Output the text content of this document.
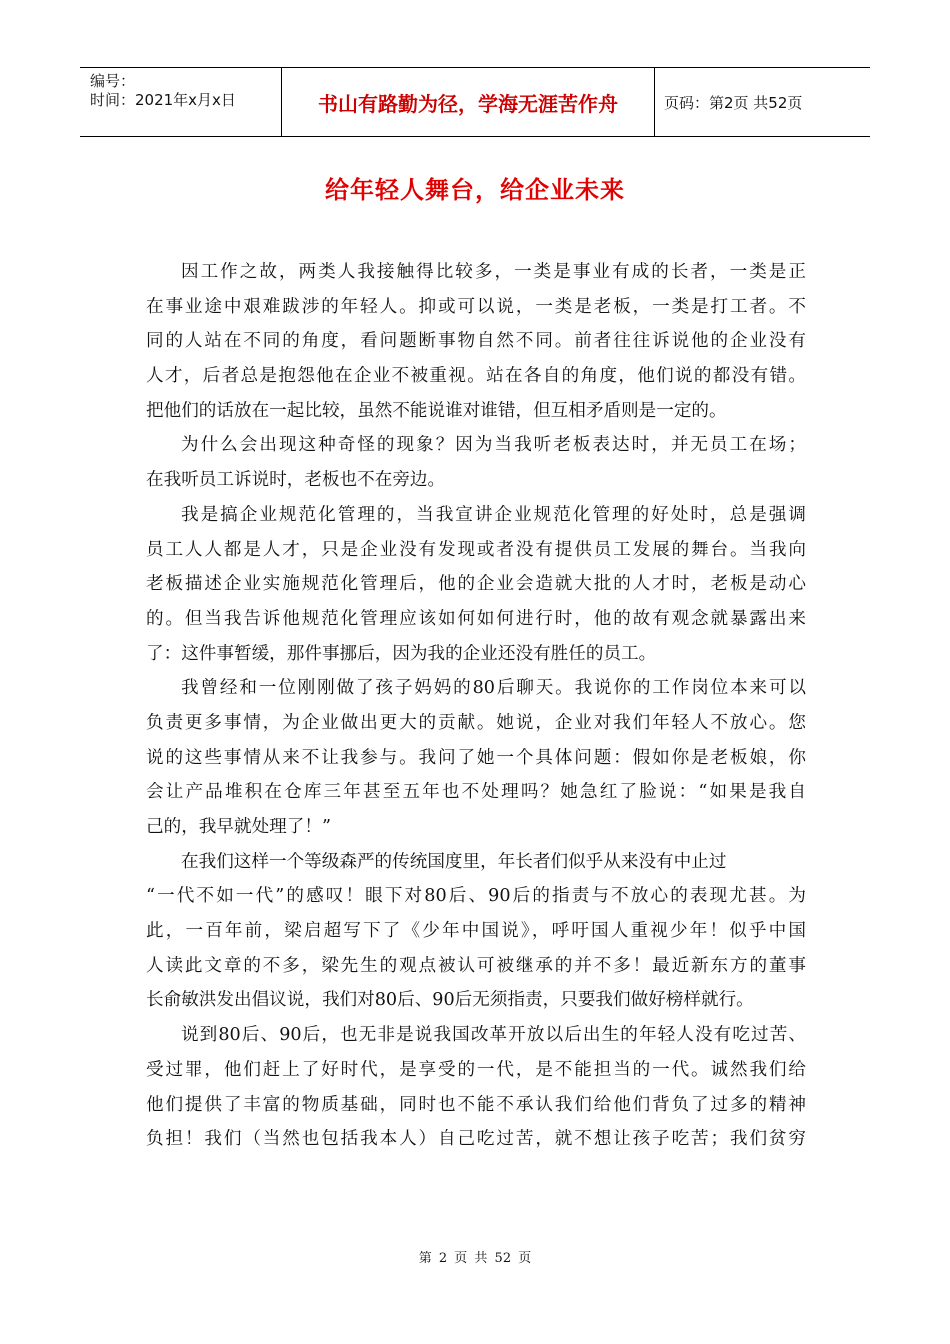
编号：
时间：2021年x月x日	书山有路勤为径，学海无涯苦作舟	页码：第2页 共52页
给年轻人舞台，给企业未来
因工作之故，两类人我接触得比较多，一类是事业有成的长者，一类是正
在事业途中艰难跋涉的年轻人。抑或可以说，一类是老板，一类是打工者。不
同的人站在不同的角度，看问题断事物自然不同。前者往往诉说他的企业没有
人才，后者总是抱怨他在企业不被重视。站在各自的角度，他们说的都没有错。
把他们的话放在一起比较，虽然不能说谁对谁错，但互相矛盾则是一定的。
为什么会出现这种奇怪的现象？因为当我听老板表达时，并无员工在场；
在我听员工诉说时，老板也不在旁边。
我是搞企业规范化管理的，当我宣讲企业规范化管理的好处时，总是强调
员工人人都是人才，只是企业没有发现或者没有提供员工发展的舞台。当我向
老板描述企业实施规范化管理后，他的企业会造就大批的人才时，老板是动心
的。但当我告诉他规范化管理应该如何如何进行时，他的故有观念就暴露出来
了：这件事暂缓，那件事挪后，因为我的企业还没有胜任的员工。
我曾经和一位刚刚做了孩子妈妈的80后聊天。我说你的工作岗位本来可以
负责更多事情，为企业做出更大的贡献。她说，企业对我们年轻人不放心。您
说的这些事情从来不让我参与。我问了她一个具体问题：假如你是老板娘，你
会让产品堆积在仓库三年甚至五年也不处理吗？她急红了脸说：“如果是我自
己的，我早就处理了！”
在我们这样一个等级森严的传统国度里，年长者们似乎从来没有中止过
“一代不如一代”的感叹！眼下对80后、90后的指责与不放心的表现尤甚。为
此，一百年前，梁启超写下了《少年中国说》，呼吁国人重视少年！似乎中国
人读此文章的不多，梁先生的观点被认可被继承的并不多！最近新东方的董事
长俞敏洪发出倡议说，我们对80后、90后无须指责，只要我们做好榜样就行。
说到80后、90后，也无非是说我国改革开放以后出生的年轻人没有吃过苦、
受过罪，他们赶上了好时代，是享受的一代，是不能担当的一代。诚然我们给
他们提供了丰富的物质基础，同时也不能不承认我们给他们背负了过多的精神
负担！我们（当然也包括我本人）自己吃过苦，就不想让孩子吃苦；我们贫穷
第 2 页 共 52 页
